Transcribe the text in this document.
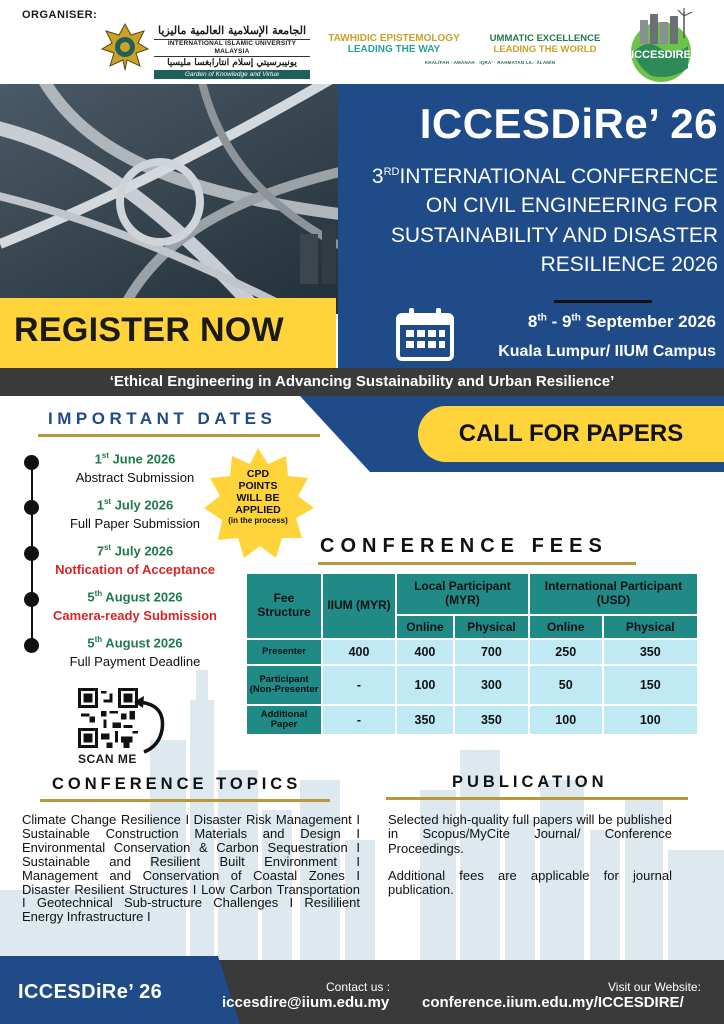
ORGANISER:
الجامعة الإسلامية العالمية ماليزيا
INTERNATIONAL ISLAMIC UNIVERSITY MALAYSIA
يونيبرسيتي إسلام انتارابغسا مليسيا
Garden of Knowledge and Virtue
TAWHIDIC EPISTEMOLOGY
LEADING THE WAY
UMMATIC EXCELLENCE
LEADING THE WORLD
KHALĪFAH · AMĀNAH · IQRA' · RAHMATAN LIL-ʿĀLAMĪN
ICCESDIRE
REGISTER NOW
ICCESDiRe’ 26
3RDINTERNATIONAL CONFERENCE
ON CIVIL ENGINEERING FOR
SUSTAINABILITY AND DISASTER
RESILIENCE 2026
8th - 9th September 2026
Kuala Lumpur/ IIUM Campus
‘Ethical Engineering in Advancing Sustainability and Urban Resilience’
CALL FOR PAPERS
IMPORTANT DATES
1st June 2026
Abstract Submission
1st July 2026
Full Paper Submission
7st July 2026
Notfication of Acceptance
5th August 2026
Camera-ready Submission
5th August 2026
Full Payment Deadline
CPD
POINTS
WILL BE
APPLIED
(in the process)
SCAN ME
CONFERENCE FEES
Fee Structure	IIUM (MYR)	Local Participant (MYR)		International Participant (USD)	
		Online	Physical	Online	Physical
Presenter	400	400	700	250	350
Participant (Non-Presenter	-	100	300	50	150
Additional Paper	-	350	350	100	100
CONFERENCE TOPICS
Climate Change Resilience I Disaster Risk Management I Sustainable Construction Materials and Design I Environmental Conservation & Carbon Sequestration I Sustainable and Resilient Built Environment I Management and Conservation of Coastal Zones I Disaster Resilient Structures I Low Carbon Transportation I Geotechnical Sub-structure Challenges I Resililient Energy Infrastructure I
PUBLICATION
Selected high-quality full papers will be published in Scopus/MyCite Journal/ Conference Proceedings.
Additional fees are applicable for journal publication.
ICCESDiRe’ 26	Contact us :
iccesdire@iium.edu.my
Visit our Website:
conference.iium.edu.my/ICCESDIRE/
